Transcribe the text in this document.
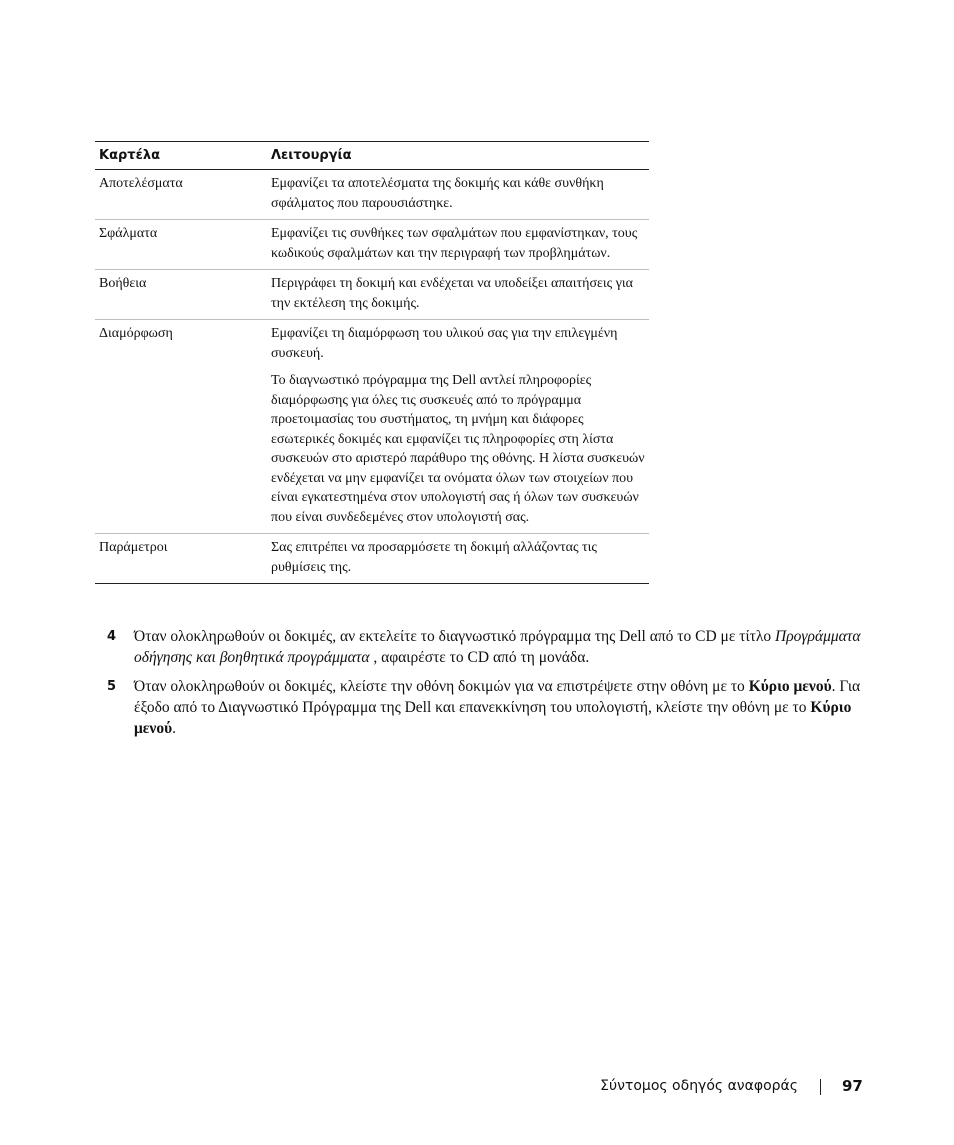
Καρτέλα	Λειτουργία
Αποτελέσματα	Εμφανίζει τα αποτελέσματα της δοκιμής και κάθε συνθήκη σφάλματος που παρουσιάστηκε.
Σφάλματα	Εμφανίζει τις συνθήκες των σφαλμάτων που εμφανίστηκαν, τους κωδικούς σφαλμάτων και την περιγραφή των προβλημάτων.
Βοήθεια	Περιγράφει τη δοκιμή και ενδέχεται να υποδείξει απαιτήσεις για την εκτέλεση της δοκιμής.
Διαμόρφωση	Εμφανίζει τη διαμόρφωση του υλικού σας για την επιλεγμένη συσκευή.
Το διαγνωστικό πρόγραμμα της Dell αντλεί πληροφορίες διαμόρφωσης για όλες τις συσκευές από το πρόγραμμα προετοιμασίας του συστήματος, τη μνήμη και διάφορες εσωτερικές δοκιμές και εμφανίζει τις πληροφορίες στη λίστα συσκευών στο αριστερό παράθυρο της οθόνης. Η λίστα συσκευών ενδέχεται να μην εμφανίζει τα ονόματα όλων των στοιχείων που είναι εγκατεστημένα στον υπολογιστή σας ή όλων των συσκευών που είναι συνδεδεμένες στον υπολογιστή σας.
Παράμετροι	Σας επιτρέπει να προσαρμόσετε τη δοκιμή αλλάζοντας τις ρυθμίσεις της.
4 Όταν ολοκληρωθούν οι δοκιμές, αν εκτελείτε το διαγνωστικό πρόγραμμα της Dell από το CD με τίτλο Προγράμματα οδήγησης και βοηθητικά προγράμματα , αφαιρέστε το CD από τη μονάδα.
5 Όταν ολοκληρωθούν οι δοκιμές, κλείστε την οθόνη δοκιμών για να επιστρέψετε στην οθόνη με το Κύριο μενού. Για έξοδο από το Διαγνωστικό Πρόγραμμα της Dell και επανεκκίνηση του υπολογιστή, κλείστε την οθόνη με το Κύριο μενού.
Σύντομος οδηγός αναφοράς	97
